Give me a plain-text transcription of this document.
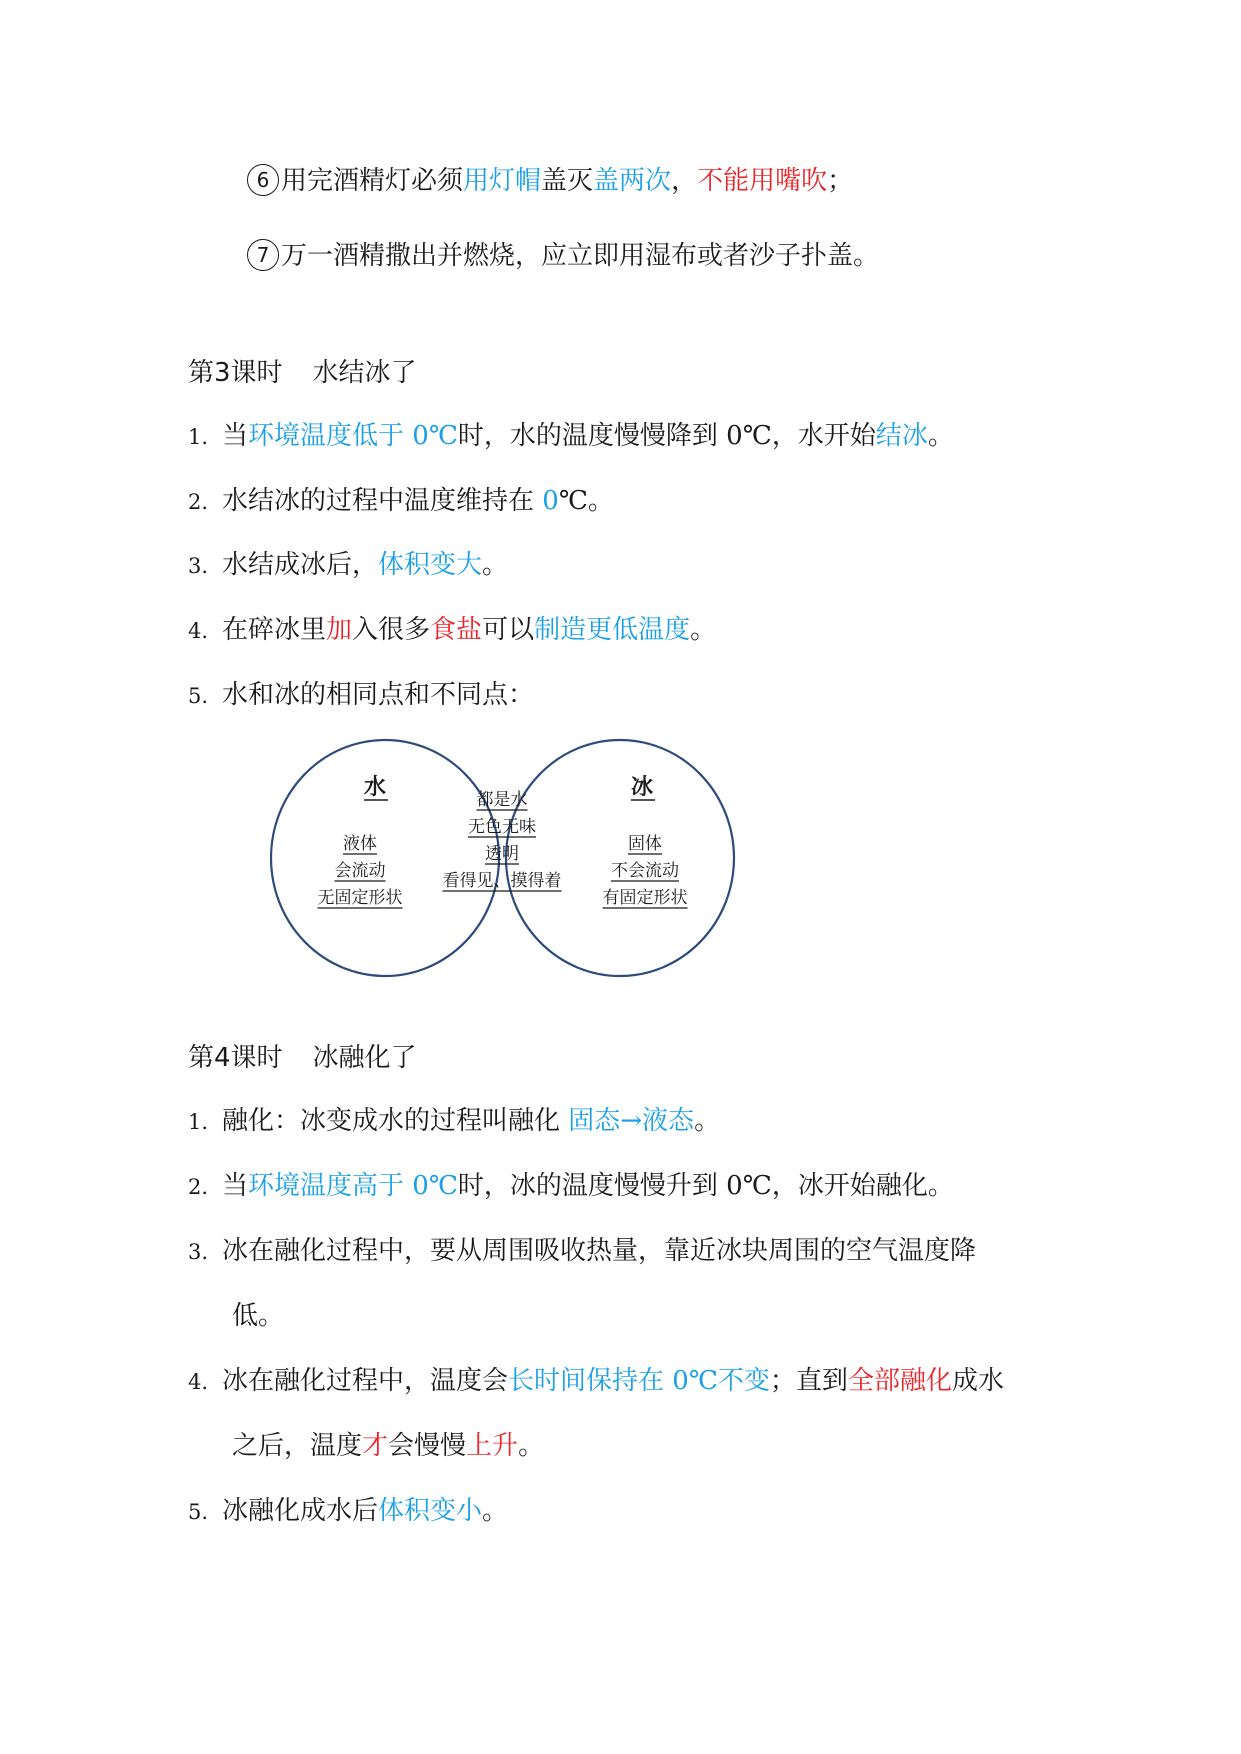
6 用完酒精灯必须用灯帽盖灭盖两次，不能用嘴吹；
7 万一酒精撒出并燃烧，应立即用湿布或者沙子扑盖。
第3课时 水结冰了
1. 当环境温度低于 0℃时，水的温度慢慢降到 0℃，水开始结冰。
2. 水结冰的过程中温度维持在 0℃。
3. 水结成冰后，体积变大。
4. 在碎冰里加入很多食盐可以制造更低温度。
5. 水和冰的相同点和不同点：
水	冰
液体
会流动
无固定形状
都是水
无色无味
透明
看得见、摸得着
固体
不会流动
有固定形状
第4课时 冰融化了
1. 融化：冰变成水的过程叫融化 固态→液态。
2. 当环境温度高于 0℃时，冰的温度慢慢升到 0℃，冰开始融化。
3. 冰在融化过程中，要从周围吸收热量，靠近冰块周围的空气温度降
低。
4. 冰在融化过程中，温度会长时间保持在 0℃不变；直到全部融化成水
之后，温度才会慢慢上升。
5. 冰融化成水后体积变小。
